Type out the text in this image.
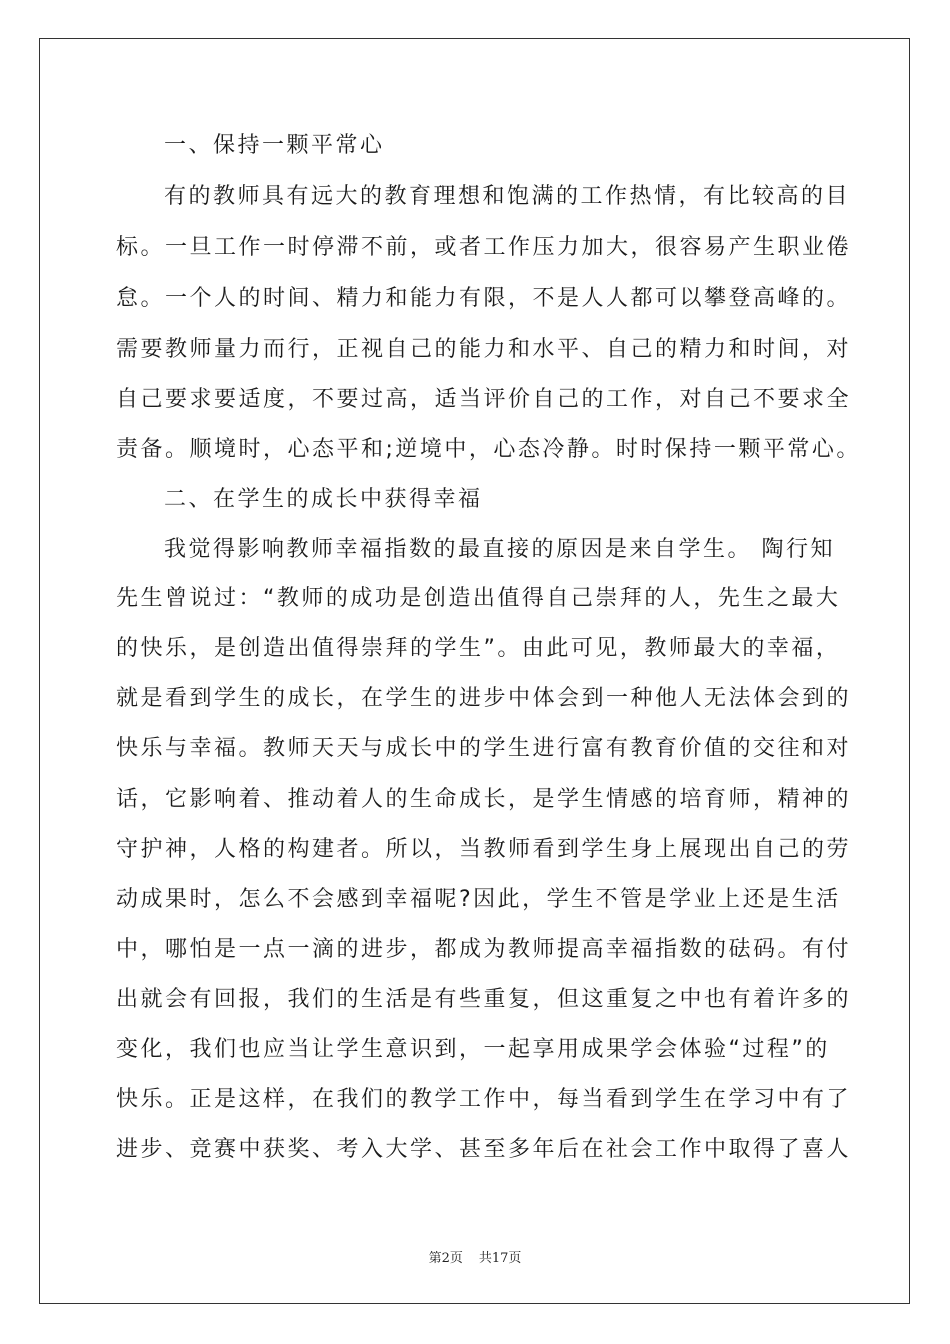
一、保持一颗平常心
有的教师具有远大的教育理想和饱满的工作热情，有比较高的目
标。一旦工作一时停滞不前，或者工作压力加大，很容易产生职业倦
怠。一个人的时间、精力和能力有限，不是人人都可以攀登高峰的。
需要教师量力而行，正视自己的能力和水平、自己的精力和时间，对
自己要求要适度，不要过高，适当评价自己的工作，对自己不要求全
责备。顺境时，心态平和;逆境中，心态冷静。时时保持一颗平常心。
二、在学生的成长中获得幸福
我觉得影响教师幸福指数的最直接的原因是来自学生。 陶行知
先生曾说过：“教师的成功是创造出值得自己崇拜的人，先生之最大
的快乐，是创造出值得崇拜的学生”。由此可见，教师最大的幸福，
就是看到学生的成长，在学生的进步中体会到一种他人无法体会到的
快乐与幸福。教师天天与成长中的学生进行富有教育价值的交往和对
话，它影响着、推动着人的生命成长，是学生情感的培育师，精神的
守护神，人格的构建者。所以，当教师看到学生身上展现出自己的劳
动成果时，怎么不会感到幸福呢?因此，学生不管是学业上还是生活
中，哪怕是一点一滴的进步，都成为教师提高幸福指数的砝码。有付
出就会有回报，我们的生活是有些重复，但这重复之中也有着许多的
变化，我们也应当让学生意识到，一起享用成果学会体验“过程”的
快乐。正是这样，在我们的教学工作中，每当看到学生在学习中有了
进步、竞赛中获奖、考入大学、甚至多年后在社会工作中取得了喜人
第2页 共17页
